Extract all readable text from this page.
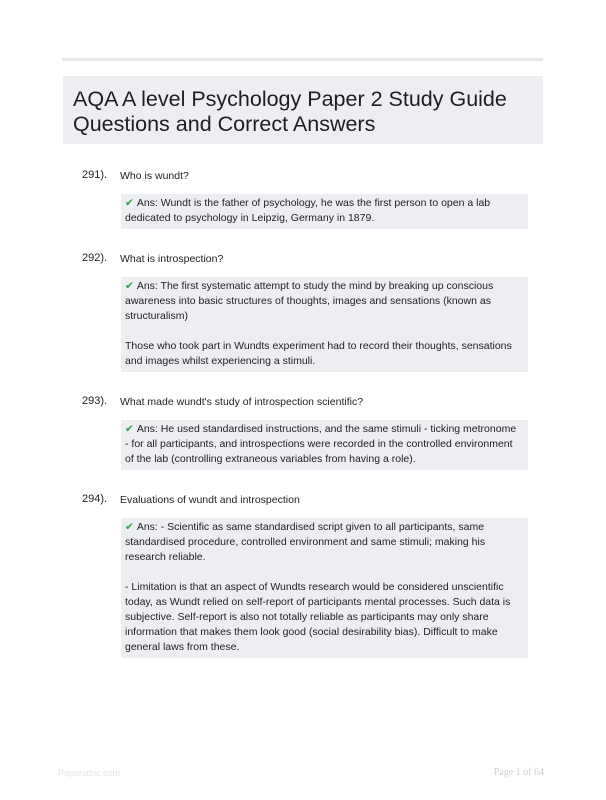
AQA A level Psychology Paper 2 Study Guide Questions and Correct Answers
291). Who is wundt?

✔ Ans: Wundt is the father of psychology, he was the first person to open a lab dedicated to psychology in Leipzig, Germany in 1879.

292). What is introspection?

✔ Ans: The first systematic attempt to study the mind by breaking up conscious awareness into basic structures of thoughts, images and sensations (known as structuralism)

Those who took part in Wundts experiment had to record their thoughts, sensations and images whilst experiencing a stimuli.

293). What made wundt's study of introspection scientific?

✔ Ans: He used standardised instructions, and the same stimuli - ticking metronome - for all participants, and introspections were recorded in the controlled environment of the lab (controlling extraneous variables from having a role).

294). Evaluations of wundt and introspection

✔ Ans: - Scientific as same standardised script given to all participants, same standardised procedure, controlled environment and same stimuli; making his research reliable.

- Limitation is that an aspect of Wundts research would be considered unscientific today, as Wundt relied on self-report of participants mental processes. Such data is subjective. Self-report is also not totally reliable as participants may only share information that makes them look good (social desirability bias). Difficult to make general laws from these.

Paperstbic.com	Page 1 of 64
